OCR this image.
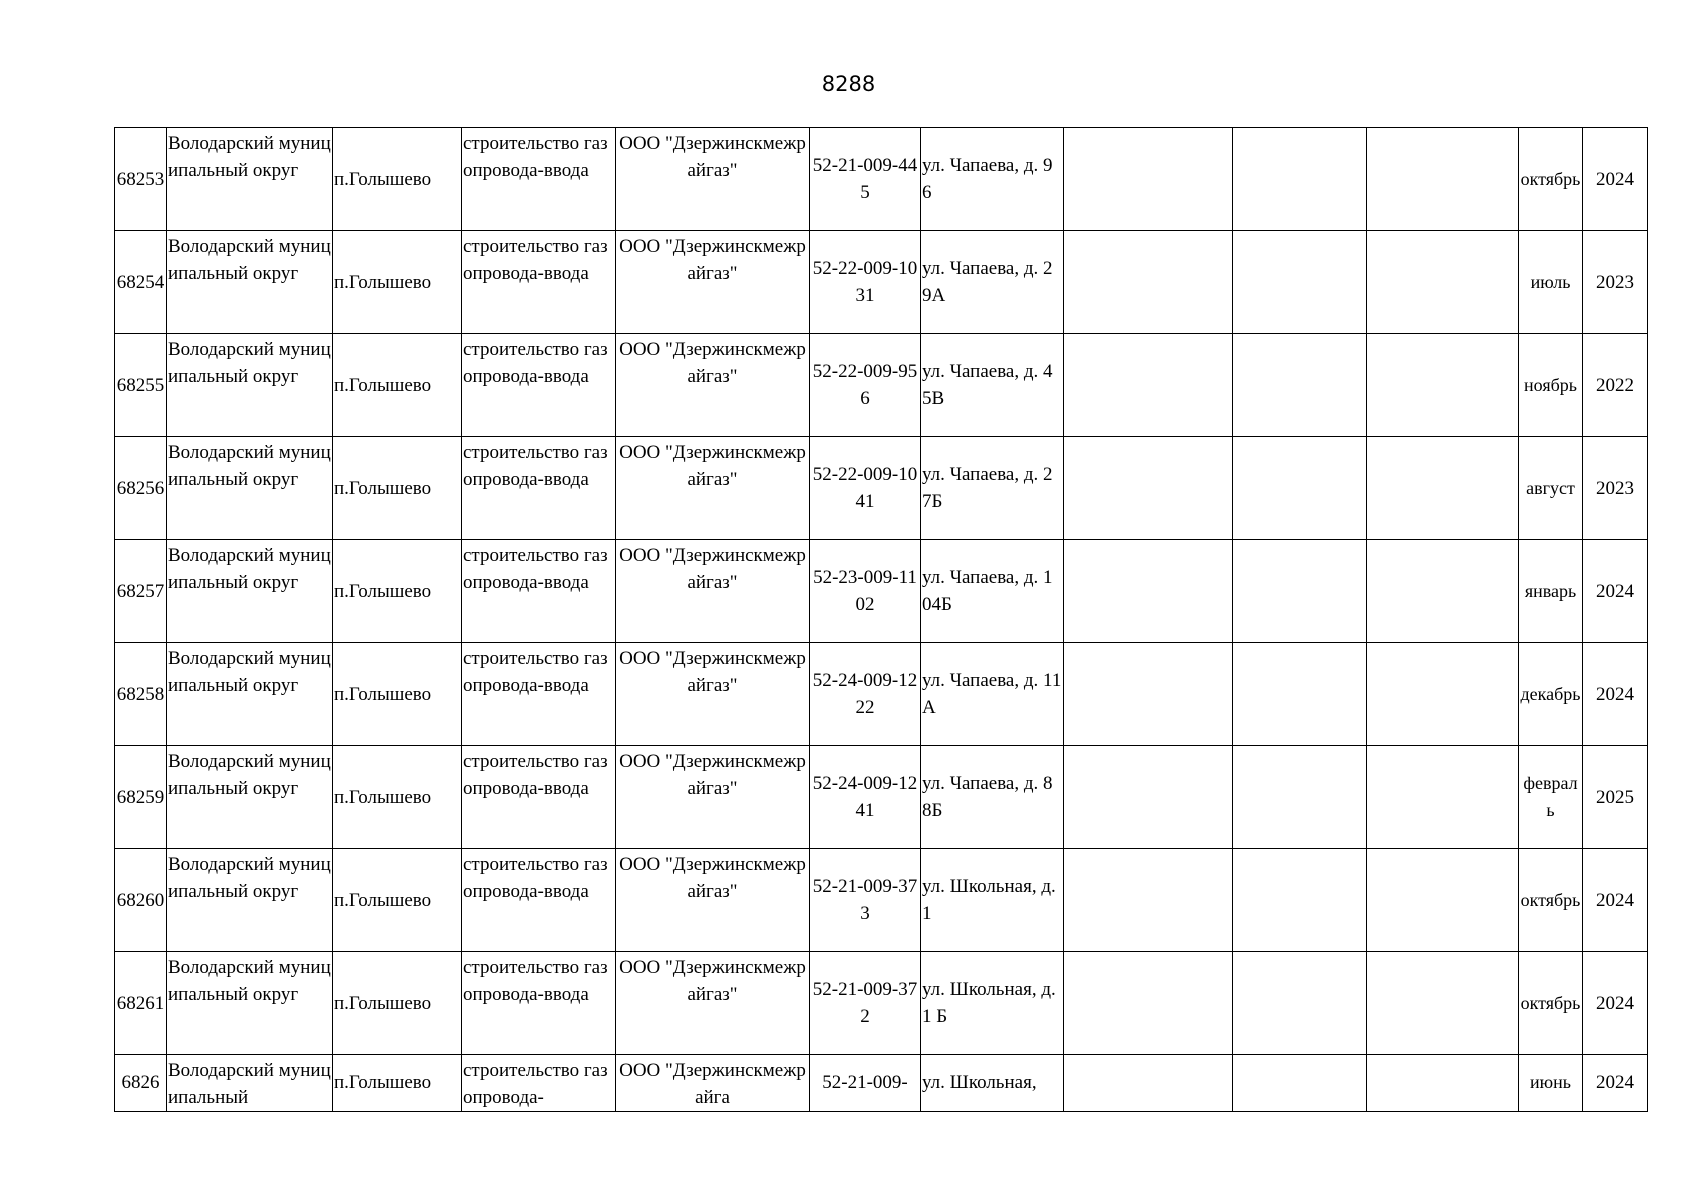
8288
68253	Володарский муниципальный округ	п.Голышево	строительство газопровода-ввода	ООО "Дзержинскмежрайгаз"	52-21-009-445	ул. Чапаева, д. 96				октябрь	2024
68254	Володарский муниципальный округ	п.Голышево	строительство газопровода-ввода	ООО "Дзержинскмежрайгаз"	52-22-009-1031	ул. Чапаева, д. 29А				июль	2023
68255	Володарский муниципальный округ	п.Голышево	строительство газопровода-ввода	ООО "Дзержинскмежрайгаз"	52-22-009-956	ул. Чапаева, д. 45В				ноябрь	2022
68256	Володарский муниципальный округ	п.Голышево	строительство газопровода-ввода	ООО "Дзержинскмежрайгаз"	52-22-009-1041	ул. Чапаева, д. 27Б				август	2023
68257	Володарский муниципальный округ	п.Голышево	строительство газопровода-ввода	ООО "Дзержинскмежрайгаз"	52-23-009-1102	ул. Чапаева, д. 104Б				январь	2024
68258	Володарский муниципальный округ	п.Голышево	строительство газопровода-ввода	ООО "Дзержинскмежрайгаз"	52-24-009-1222	ул. Чапаева, д. 11А				декабрь	2024
68259	Володарский муниципальный округ	п.Голышево	строительство газопровода-ввода	ООО "Дзержинскмежрайгаз"	52-24-009-1241	ул. Чапаева, д. 88Б				февраль	2025
68260	Володарский муниципальный округ	п.Голышево	строительство газопровода-ввода	ООО "Дзержинскмежрайгаз"	52-21-009-373	ул. Школьная, д. 1				октябрь	2024
68261	Володарский муниципальный округ	п.Голышево	строительство газопровода-ввода	ООО "Дзержинскмежрайгаз"	52-21-009-372	ул. Школьная, д. 1 Б				октябрь	2024
6826	Володарский муниципальный	п.Голышево	строительство газопровода-	ООО "Дзержинскмежрайга	52-21-009-	ул. Школьная,				июнь	2024
